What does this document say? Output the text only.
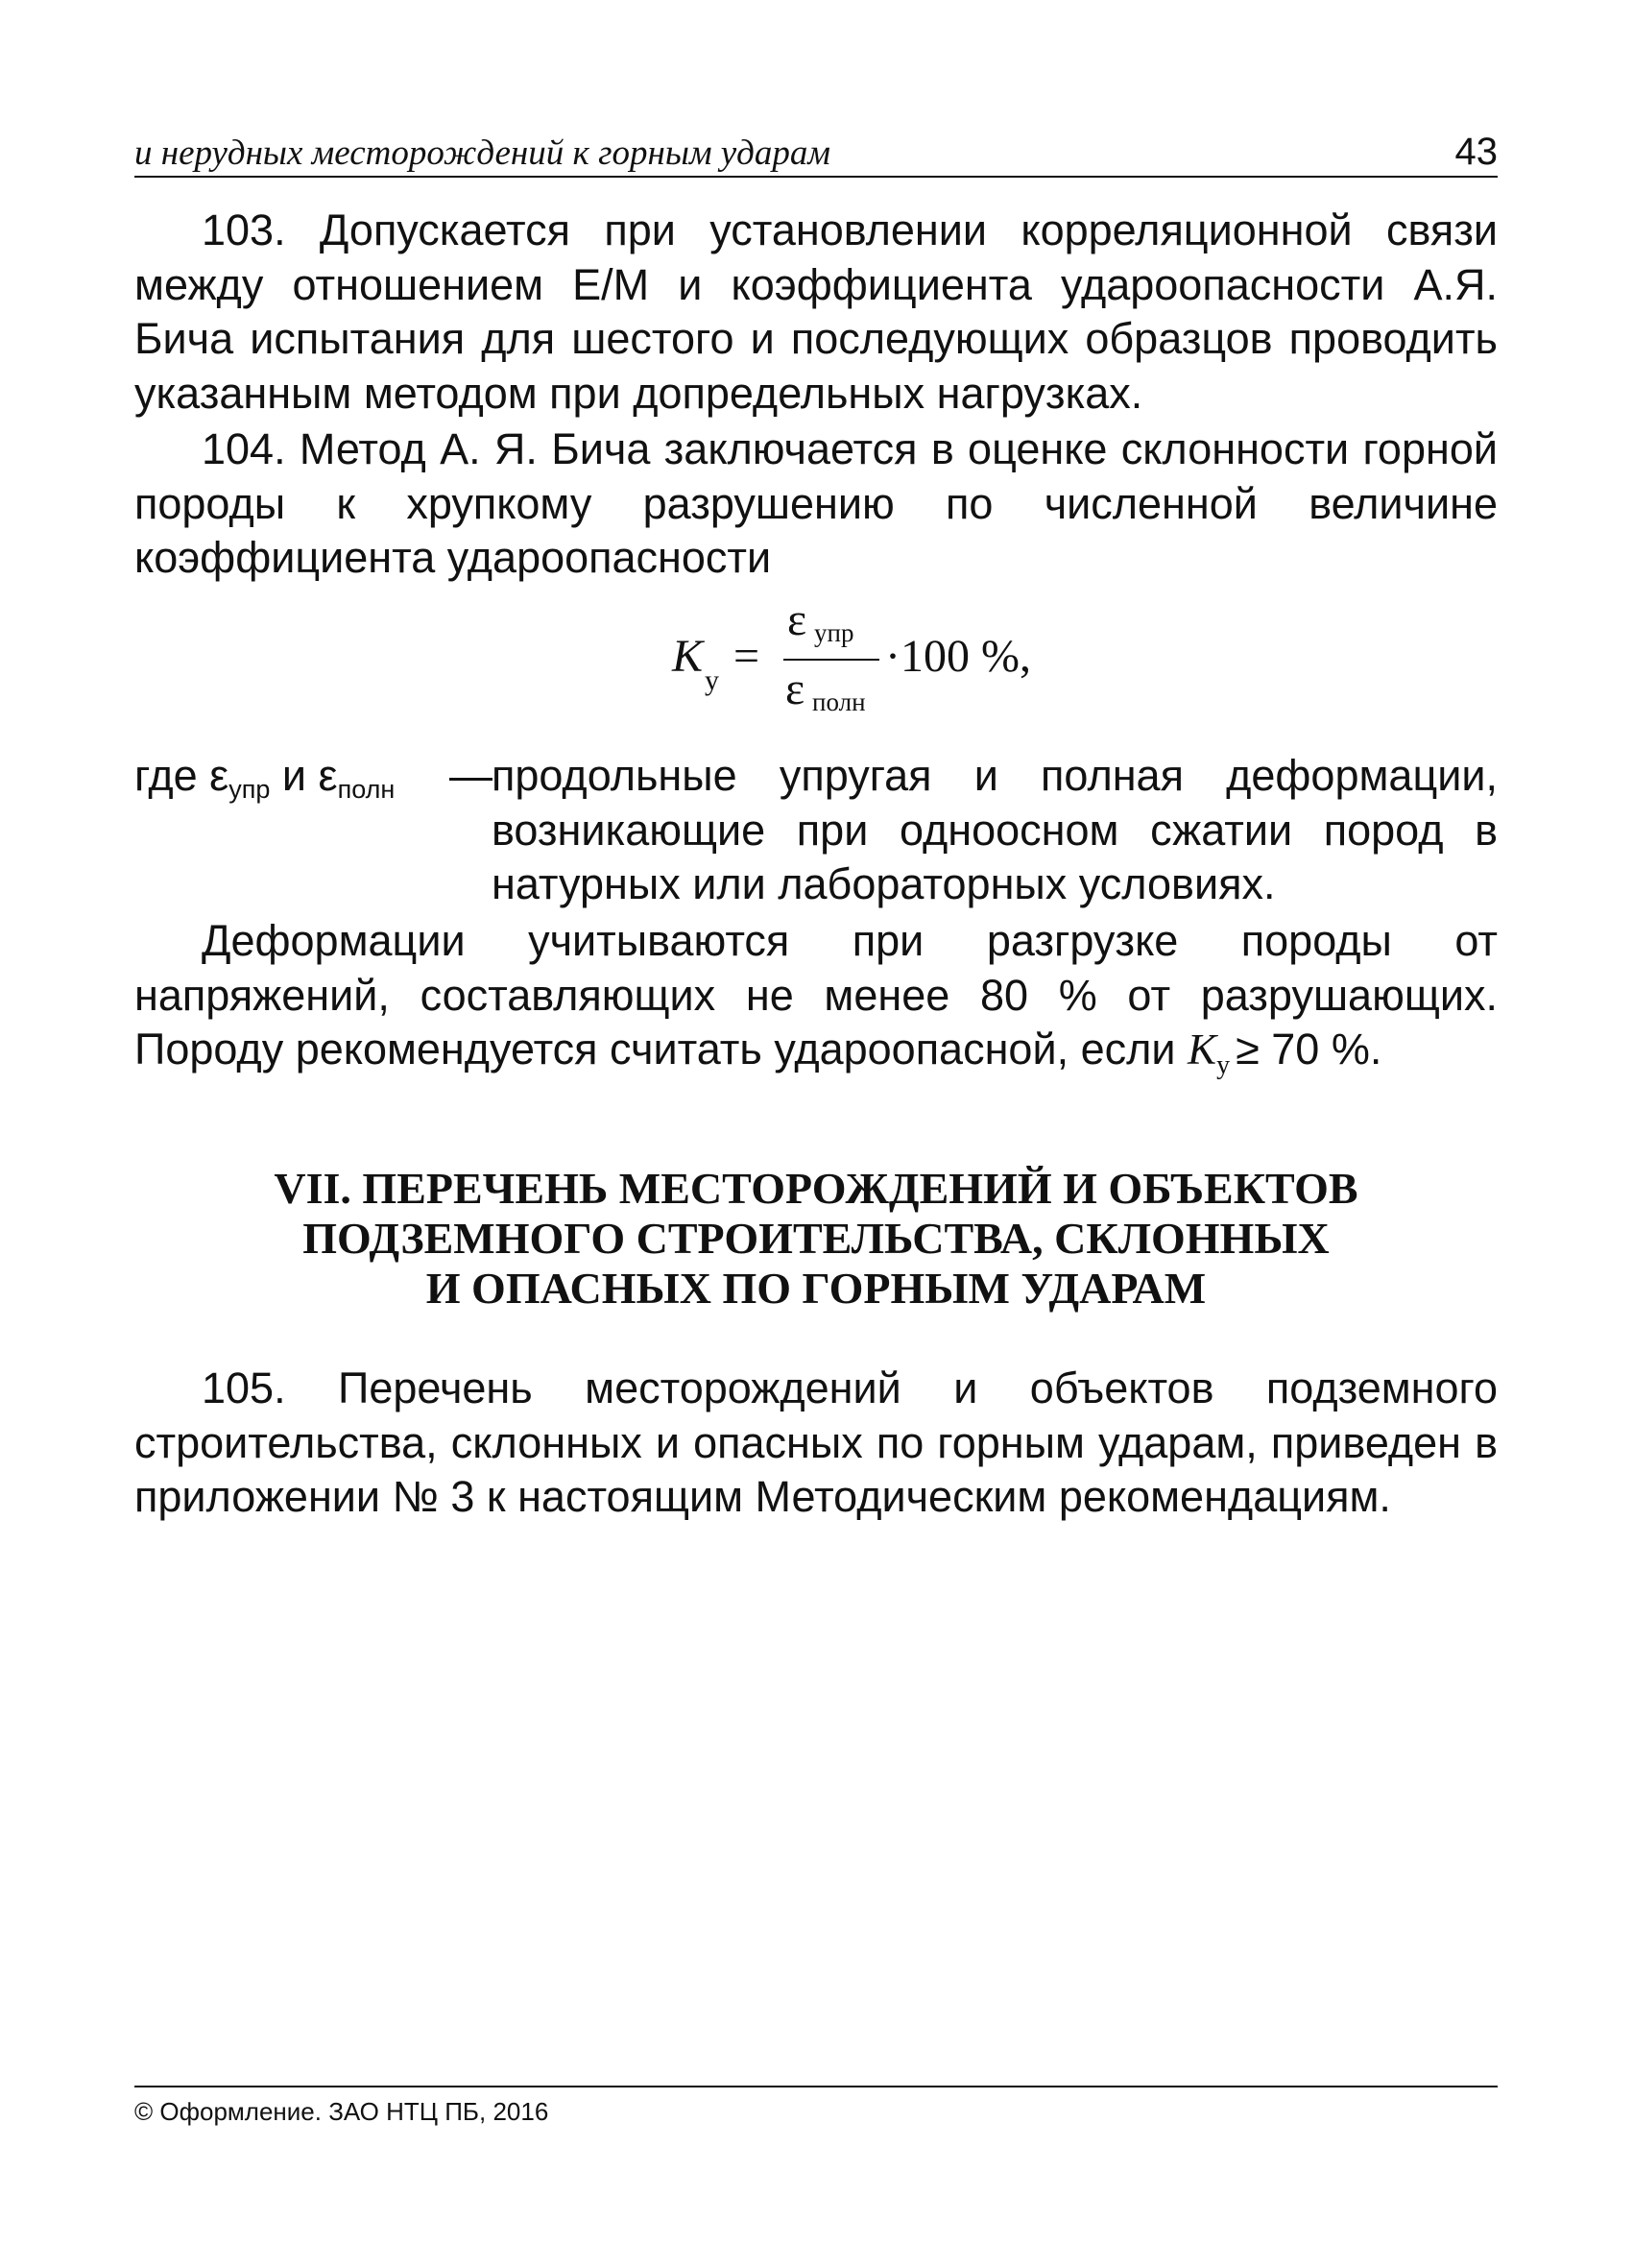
и нерудных месторождений к горным ударам	43

103. Допускается при установлении корреляционной связи между отношением Е/М и коэффициента удароопасности А.Я. Бича испытания для шестого и последующих образцов проводить указанным методом при допредельных нагрузках.

104. Метод А. Я. Бича заключается в оценке склонности горной породы к хрупкому разрушению по численной величине коэффициента удароопасности

K у =
ε упр
ε полн
·100 %,
где $\varepsilon_{упр}$ и $\varepsilon_{полн}$ — продольные упругая и полная деформации, возникающие при одноосном сжатии пород в натурных или лабораторных условиях.

Деформации учитываются при разгрузке породы от напряжений, составляющих не менее 80 % от разрушающих. Породу рекомендуется считать удароопасной, если $K_у \ge 70$ %.

VII. ПЕРЕЧЕНЬ МЕСТОРОЖДЕНИЙ И ОБЪЕКТОВ
ПОДЗЕМНОГО СТРОИТЕЛЬСТВА, СКЛОННЫХ
И ОПАСНЫХ ПО ГОРНЫМ УДАРАМ

105. Перечень месторождений и объектов подземного строительства, склонных и опасных по горным ударам, приведен в приложении № 3 к настоящим Методическим рекомендациям.

© Оформление. ЗАО НТЦ ПБ, 2016
